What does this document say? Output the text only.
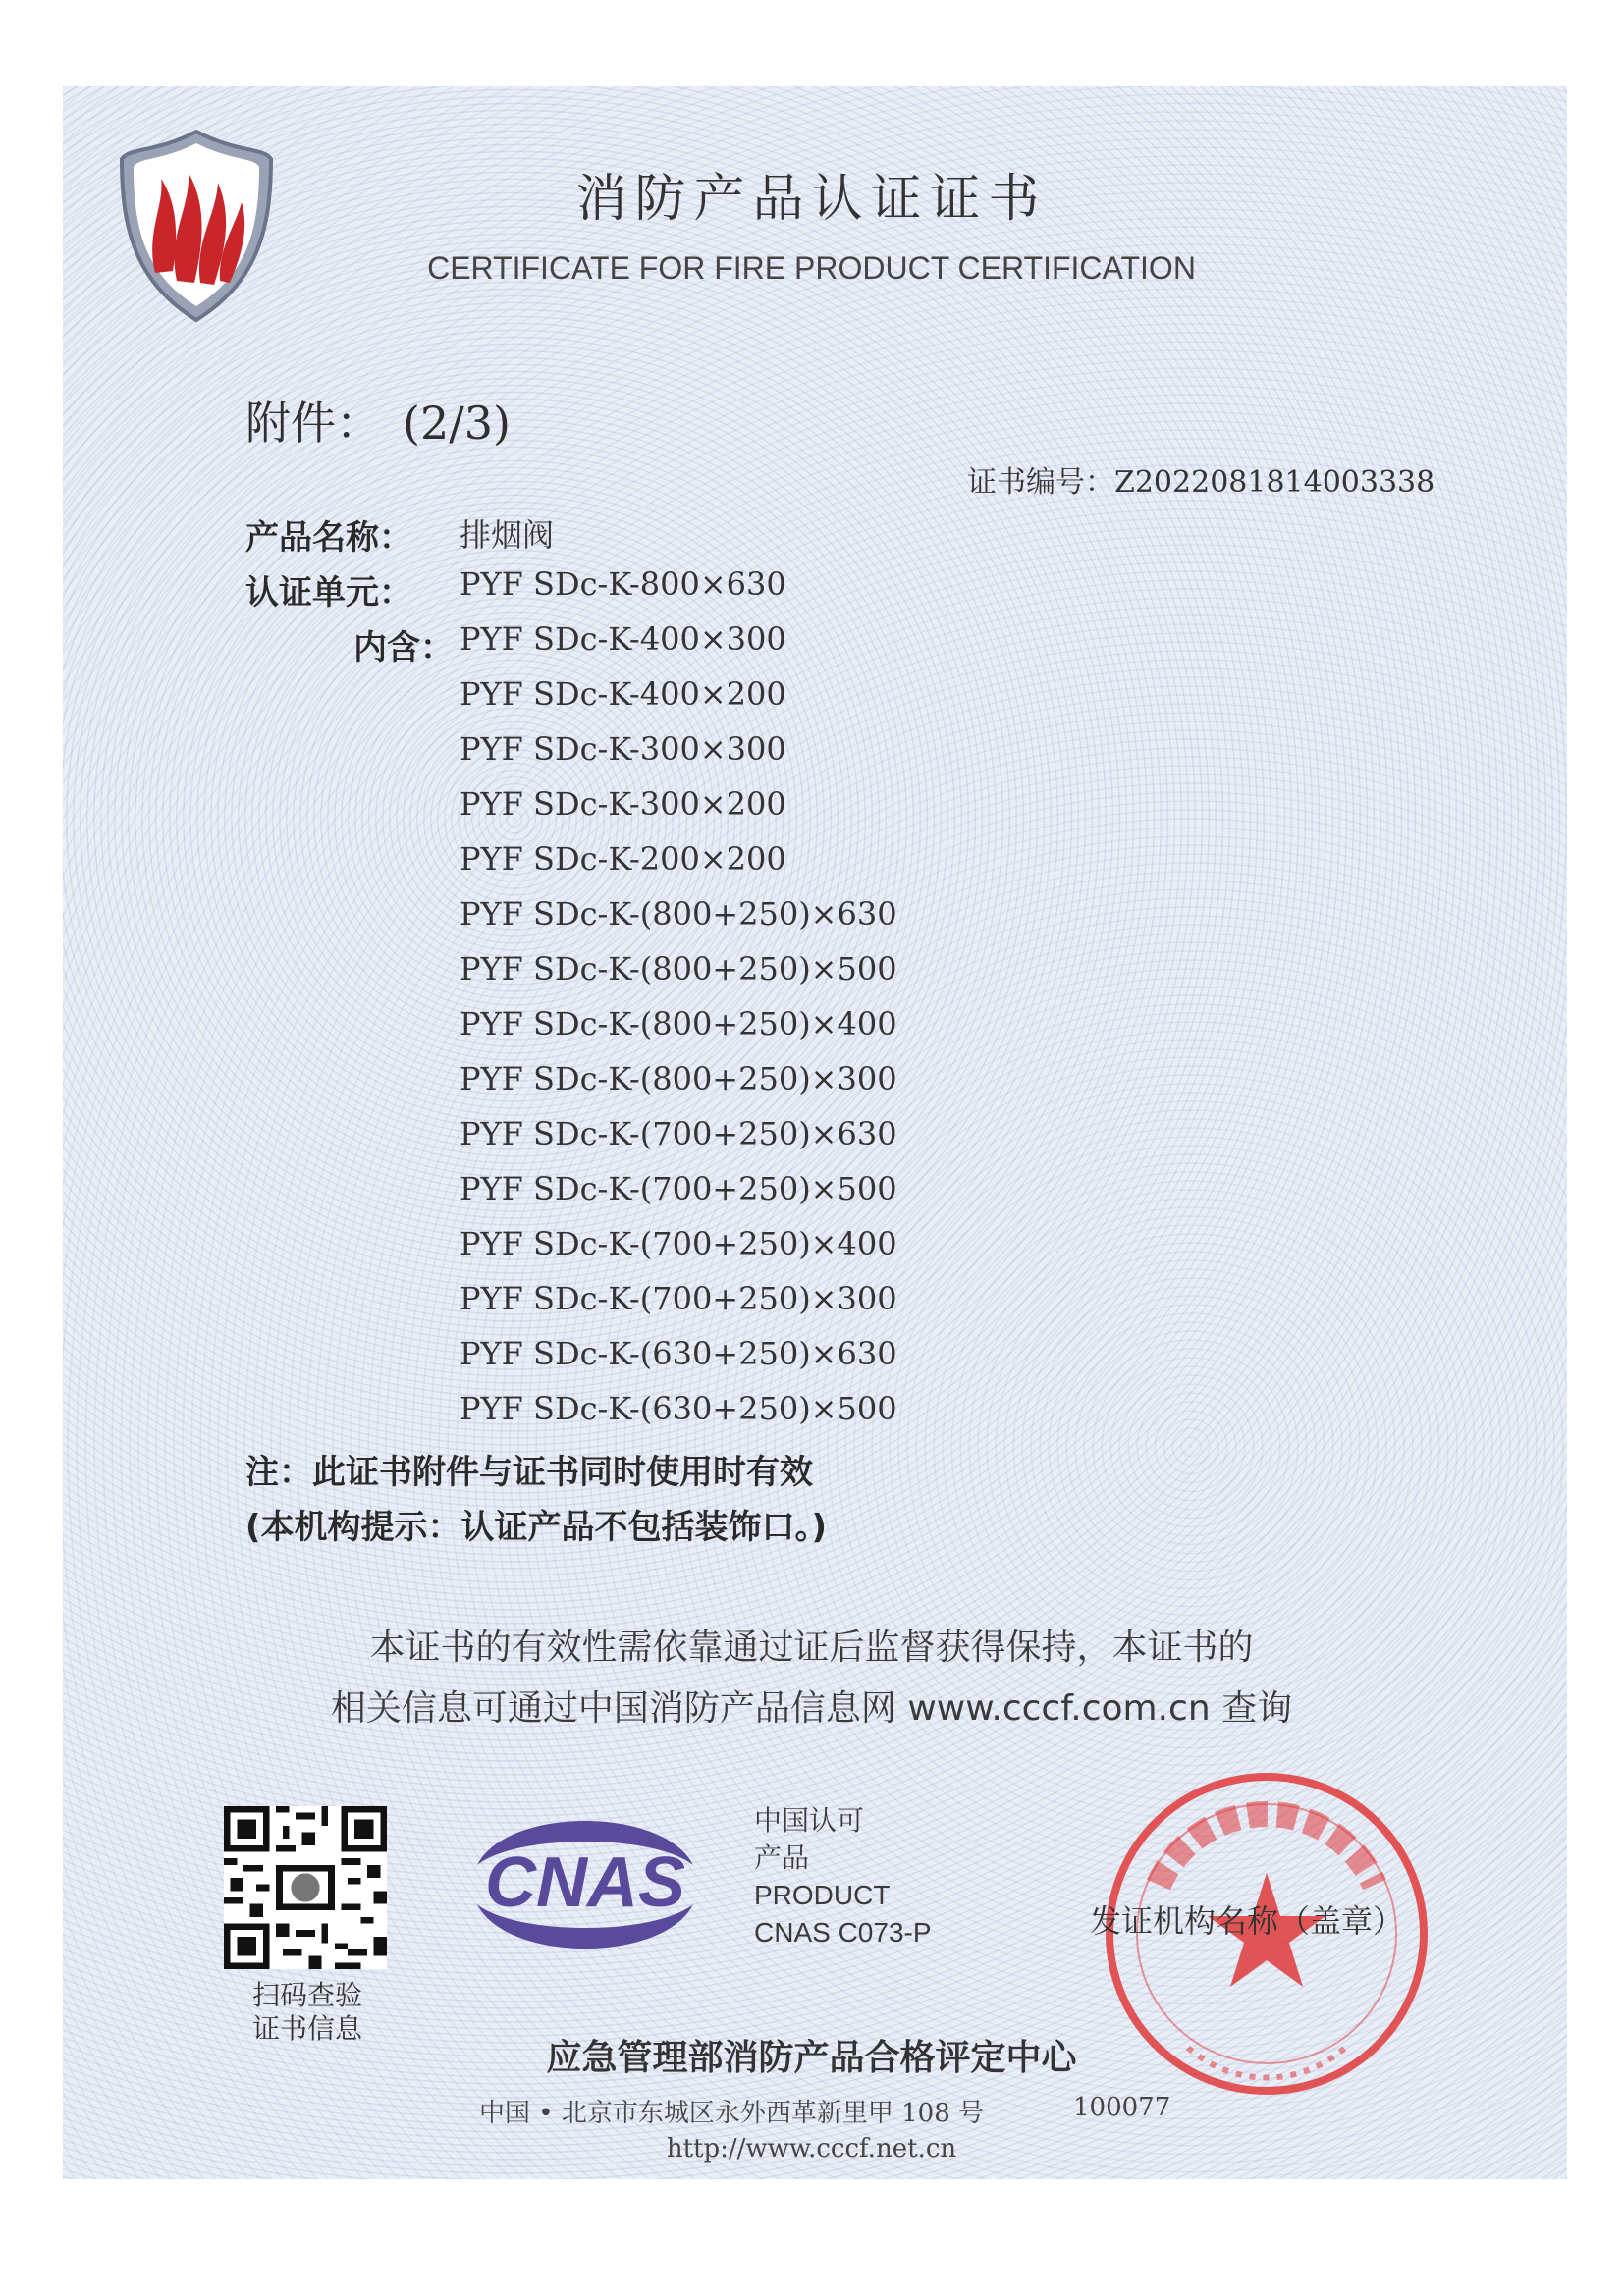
消防产品认证证书
CERTIFICATE FOR FIRE PRODUCT CERTIFICATION
附件： (2/3)
证书编号：Z2022081814003338
产品名称： 排烟阀
认证单元： PYF SDc-K-800×630
内含： PYF SDc-K-400×300
PYF SDc-K-400×200
PYF SDc-K-300×300
PYF SDc-K-300×200
PYF SDc-K-200×200
PYF SDc-K-(800+250)×630
PYF SDc-K-(800+250)×500
PYF SDc-K-(800+250)×400
PYF SDc-K-(800+250)×300
PYF SDc-K-(700+250)×630
PYF SDc-K-(700+250)×500
PYF SDc-K-(700+250)×400
PYF SDc-K-(700+250)×300
PYF SDc-K-(630+250)×630
PYF SDc-K-(630+250)×500
注：此证书附件与证书同时使用时有效
(本机构提示：认证产品不包括装饰口。)
本证书的有效性需依靠通过证后监督获得保持，本证书的
相关信息可通过中国消防产品信息网 www.cccf.com.cn 查询
扫码查验
证书信息
CNAS
中国认可
产品
PRODUCT
CNAS C073-P	发证机构名称（盖章）
应急管理部消防产品合格评定中心
中国 • 北京市东城区永外西革新里甲 108 号	100077
http://www.cccf.net.cn
